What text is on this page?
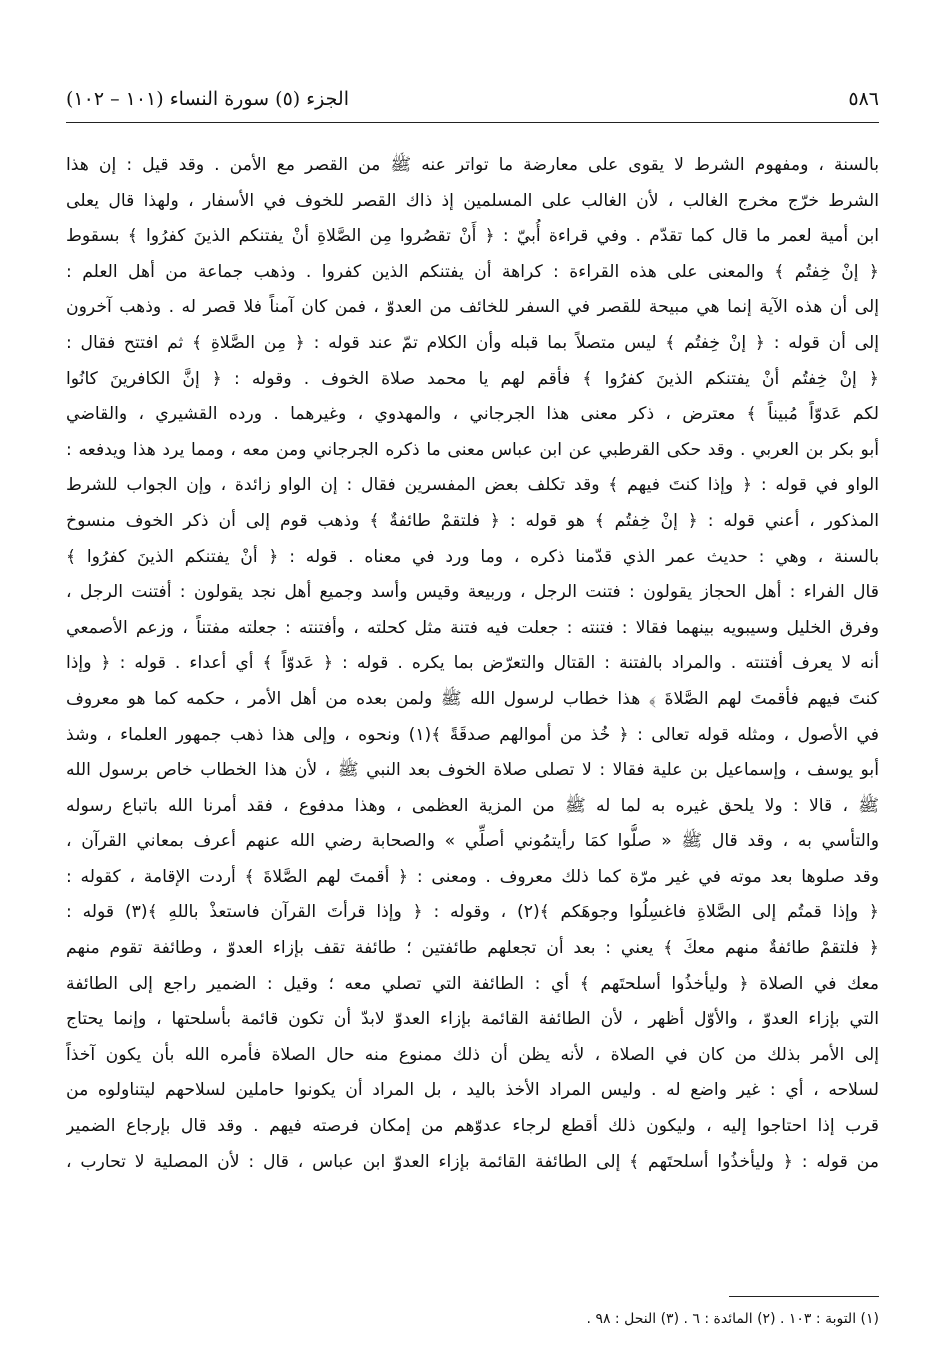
٥٨٦
الجزء (٥) سورة النساء (١٠١ – ١٠٢)
بالسنة ، ومفهوم الشرط لا يقوى على معارضة ما تواتر عنه ﷺ من القصر مع الأمن . وقد قيل : إن هذا
الشرط خرّج مخرج الغالب ، لأن الغالب على المسلمين إذ ذاك القصر للخوف في الأسفار ، ولهذا قال يعلى
ابن أمية لعمر ما قال كما تقدّم . وفي قراءة أُبيّ : ﴿ أَنْ تقصُروا مِن الصَّلاةِ أنْ يفتنكم الذينَ كفرُوا ﴾ بسقوط
﴿ إنْ خِفتُم ﴾ والمعنى على هذه القراءة : كراهة أن يفتنكم الذين كفروا . وذهب جماعة من أهل العلم :
إلى أن هذه الآية إنما هي مبيحة للقصر في السفر للخائف من العدوّ ، فمن كان آمناً فلا قصر له . وذهب آخرون
إلى أن قوله : ﴿ إنْ خِفتُم ﴾ ليس متصلاً بما قبله وأن الكلام تمّ عند قوله : ﴿ مِن الصَّلاةِ ﴾ ثم افتتح فقال :
﴿ إنْ خِفتُم أنْ يفتنكم الذينَ كفرُوا ﴾ فأقم لهم يا محمد صلاة الخوف . وقوله : ﴿ إنَّ الكافرينَ كانُوا
لكم عَدوّاً مُبيناً ﴾ معترض ، ذكر معنى هذا الجرجاني ، والمهدوي ، وغيرهما . ورده القشيري ، والقاضي
أبو بكر بن العربي . وقد حكى القرطبي عن ابن عباس معنى ما ذكره الجرجاني ومن معه ، ومما يرد هذا ويدفعه :
الواو في قوله : ﴿ وإذا كنتَ فيهم ﴾ وقد تكلف بعض المفسرين فقال : إن الواو زائدة ، وإن الجواب للشرط
المذكور ، أعني قوله : ﴿ إنْ خِفتُم ﴾ هو قوله : ﴿ فلتقمْ طائفةٌ ﴾ وذهب قوم إلى أن ذكر الخوف منسوخ
بالسنة ، وهي : حديث عمر الذي قدّمنا ذكره ، وما ورد في معناه . قوله : ﴿ أنْ يفتنكم الذينَ كفرُوا ﴾
قال الفراء : أهل الحجاز يقولون : فتنت الرجل ، وربيعة وقيس وأسد وجميع أهل نجد يقولون : أفتنت الرجل ،
وفرق الخليل وسيبويه بينهما فقالا : فتنته : جعلت فيه فتنة مثل كحلته ، وأفتنته : جعلته مفتناً ، وزعم الأصمعي
أنه لا يعرف أفتنته . والمراد بالفتنة : القتال والتعرّض بما يكره . قوله : ﴿ عَدوّاً ﴾ أي أعداء . قوله : ﴿ وإذا
كنتَ فيهم فأقمتَ لهم الصَّلاةَ ﴾ هذا خطاب لرسول الله ﷺ ولمن بعده من أهل الأمر ، حكمه كما هو معروف
في الأصول ، ومثله قوله تعالى : ﴿ خُذ من أموالهم صدقَةً ﴾(١) ونحوه ، وإلى هذا ذهب جمهور العلماء ، وشذ
أبو يوسف ، وإسماعيل بن علية فقالا : لا تصلى صلاة الخوف بعد النبي ﷺ ، لأن هذا الخطاب خاص برسول الله
ﷺ ، قالا : ولا يلحق غيره به لما له ﷺ من المزية العظمى ، وهذا مدفوع ، فقد أمرنا الله باتباع رسوله
والتأسي به ، وقد قال ﷺ « صلُّوا كمَا رأيتمُوني أصلِّي » والصحابة رضي الله عنهم أعرف بمعاني القرآن ،
وقد صلوها بعد موته في غير مرّة كما ذلك معروف . ومعنى : ﴿ أقمتَ لهم الصَّلاةَ ﴾ أردت الإقامة ، كقوله :
﴿ وإذا قمتُم إلى الصَّلاةِ فاغسِلُوا وجوهَكم ﴾(٢) ، وقوله : ﴿ وإذا قرأتَ القرآن فاستعذْ باللهِ ﴾(٣) قوله :
﴿ فلتقمْ طائفةٌ منهم معكَ ﴾ يعني : بعد أن تجعلهم طائفتين ؛ طائفة تقف بإزاء العدوّ ، وطائفة تقوم منهم
معك في الصلاة ﴿ وليأخذُوا أسلحتَهم ﴾ أي : الطائفة التي تصلي معه ؛ وقيل : الضمير راجع إلى الطائفة
التي بإزاء العدوّ ، والأوّل أظهر ، لأن الطائفة القائمة بإزاء العدوّ لابدّ أن تكون قائمة بأسلحتها ، وإنما يحتاج
إلى الأمر بذلك من كان في الصلاة ، لأنه يظن أن ذلك ممنوع منه حال الصلاة فأمره الله بأن يكون آخذاً
لسلاحه ، أي : غير واضع له . وليس المراد الأخذ باليد ، بل المراد أن يكونوا حاملين لسلاحهم ليتناولوه من
قرب إذا احتاجوا إليه ، وليكون ذلك أقطع لرجاء عدوّهم من إمكان فرصته فيهم . وقد قال بإرجاع الضمير
من قوله : ﴿ وليأخذُوا أسلحتَهم ﴾ إلى الطائفة القائمة بإزاء العدوّ ابن عباس ، قال : لأن المصلية لا تحارب ،
(١) التوبة : ١٠٣ . (٢) المائدة : ٦ . (٣) النحل : ٩٨ .
